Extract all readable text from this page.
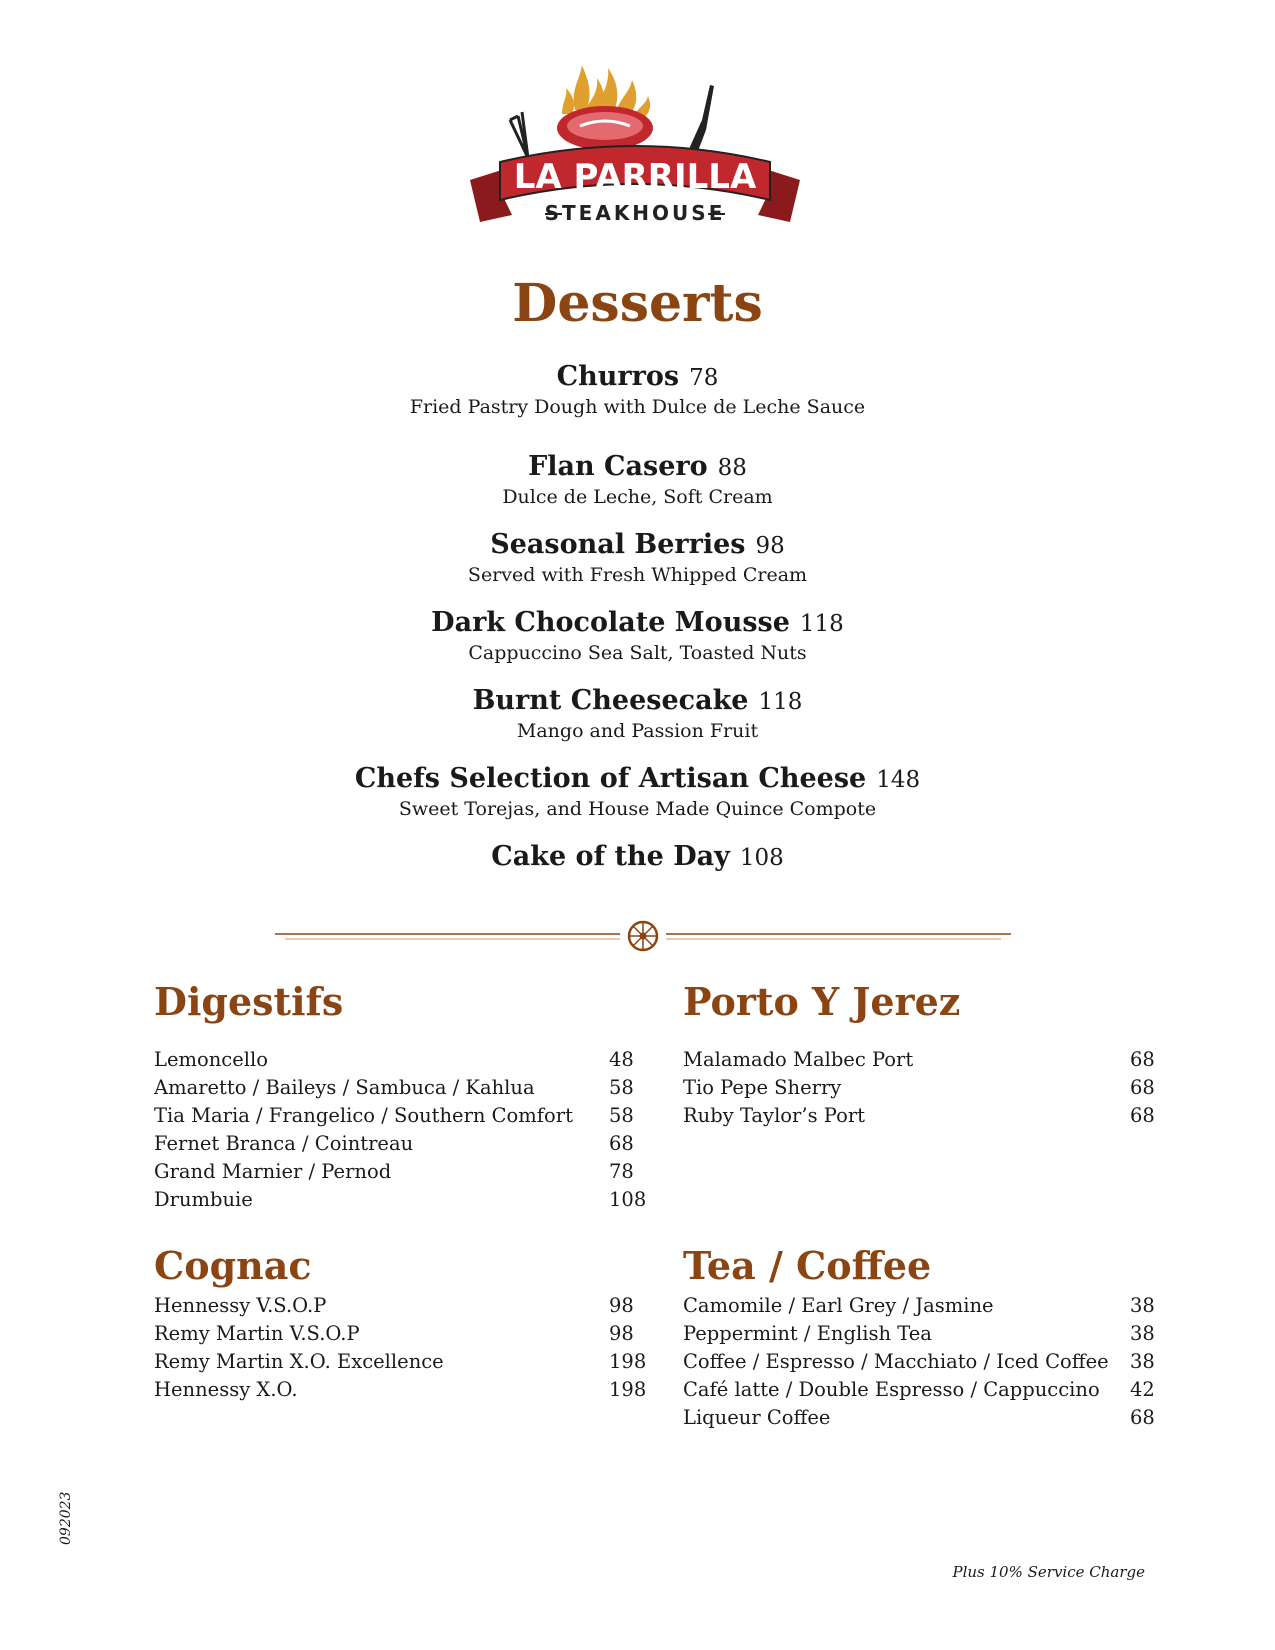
LA PARRILLA
STEAKHOUSE
Desserts
Churros 78
Fried Pastry Dough with Dulce de Leche Sauce
Flan Casero 88
Dulce de Leche, Soft Cream
Seasonal Berries 98
Served with Fresh Whipped Cream
Dark Chocolate Mousse 118
Cappuccino Sea Salt, Toasted Nuts
Burnt Cheesecake 118
Mango and Passion Fruit
Chefs Selection of Artisan Cheese 148
Sweet Torejas, and House Made Quince Compote
Cake of the Day 108
Digestifs
Lemoncello	48
Amaretto / Baileys / Sambuca / Kahlua	58
Tia Maria / Frangelico / Southern Comfort 58
Fernet Branca / Cointreau	68
Grand Marnier / Pernod	78
Drumbuie	108
Porto Y Jerez
Malamado Malbec Port	68
Tio Pepe Sherry	68
Ruby Taylor’s Port	68
Cognac
Hennessy V.S.O.P	98
Remy Martin V.S.O.P	98
Remy Martin X.O. Excellence	198
Hennessy X.O.	198
Tea / Coffee
Camomile / Earl Grey / Jasmine	38
Peppermint / English Tea	38
Coffee / Espresso / Macchiato / Iced Coffee 38
Café latte / Double Espresso / Cappuccino 42
Liqueur Coffee	68
092023
Plus 10% Service Charge
